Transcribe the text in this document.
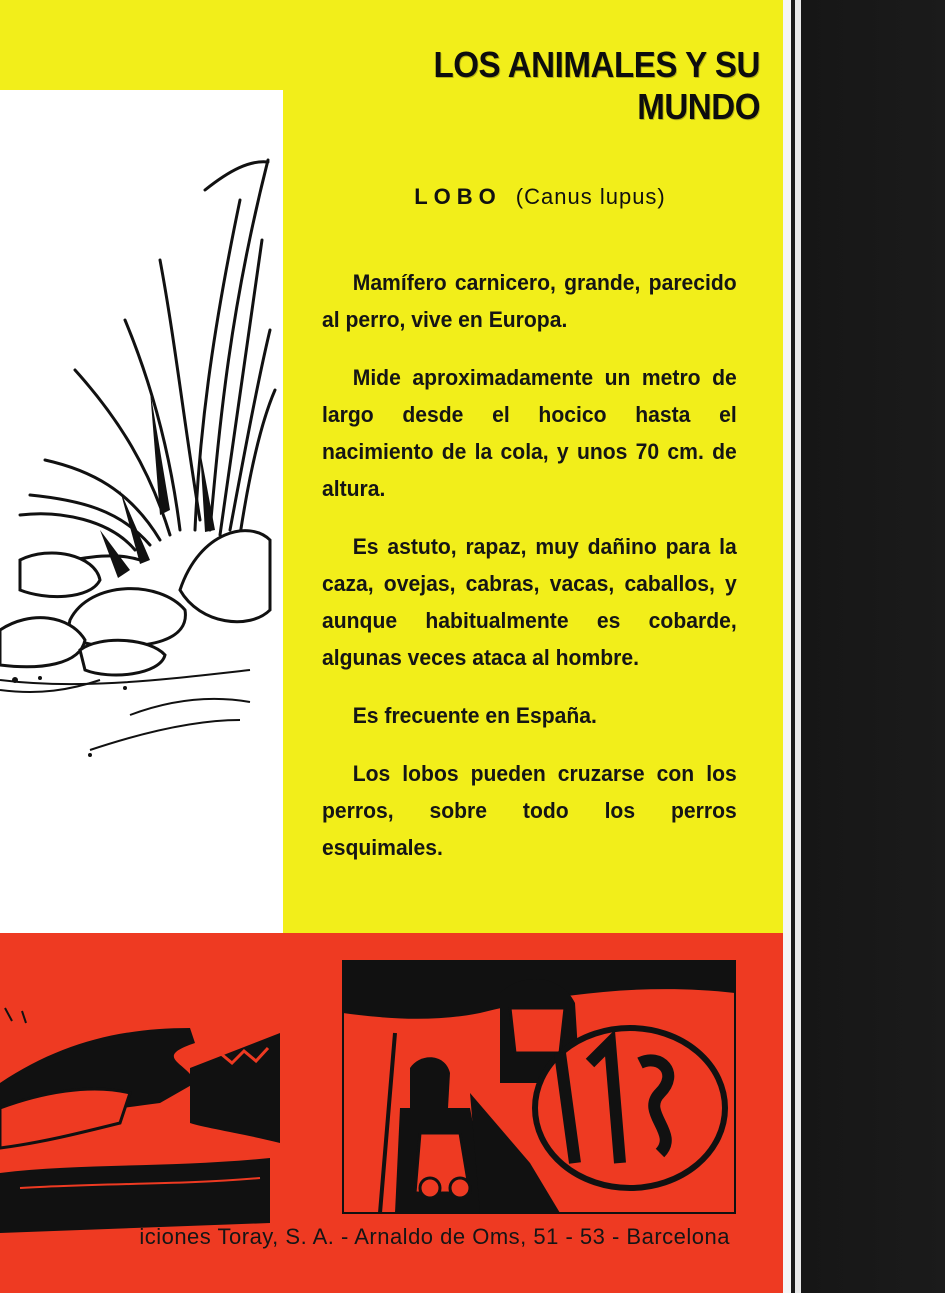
LOS ANIMALES Y SU MUNDO
LOBO (Canus lupus)

Mamífero carnicero, grande, parecido al perro, vive en Europa.

Mide aproximadamente un metro de largo desde el hocico hasta el nacimiento de la cola, y unos 70 cm. de altura.

Es astuto, rapaz, muy dañino para la caza, ovejas, cabras, vacas, caballos, y aunque habitualmente es cobarde, algunas veces ataca al hombre.

Es frecuente en España.

Los lobos pueden cruzarse con los perros, sobre todo los perros esquimales.

iciones Toray, S. A. - Arnaldo de Oms, 51 - 53 - Barcelona
